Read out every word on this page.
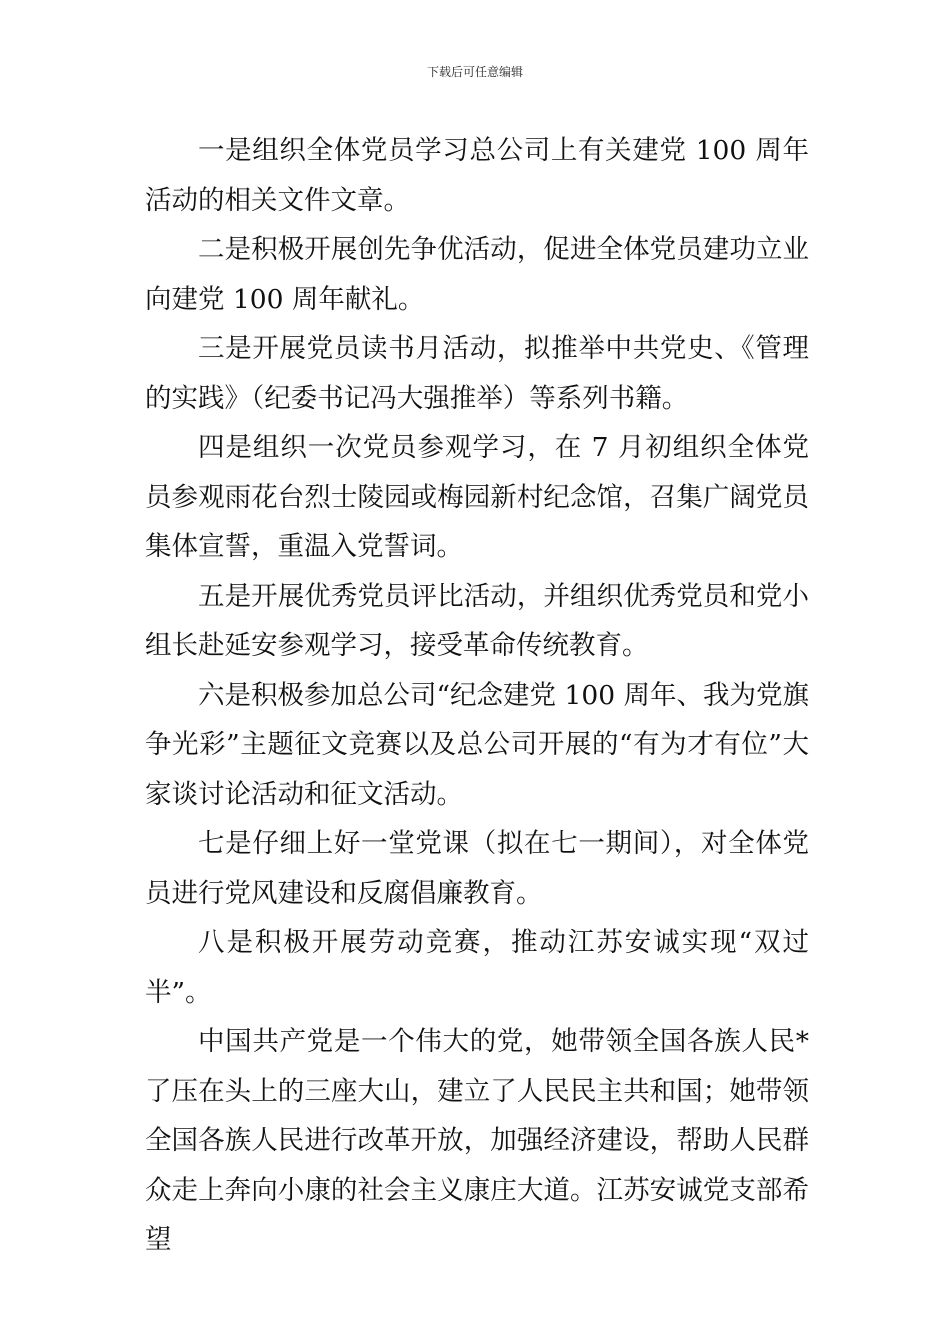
下载后可任意编辑

一是组织全体党员学习总公司上有关建党 100 周年活动的相关文件文章。

二是积极开展创先争优活动，促进全体党员建功立业向建党 100 周年献礼。

三是开展党员读书月活动，拟推举中共党史、《管理的实践》（纪委书记冯大强推举）等系列书籍。

四是组织一次党员参观学习，在 7 月初组织全体党员参观雨花台烈士陵园或梅园新村纪念馆，召集广阔党员集体宣誓，重温入党誓词。

五是开展优秀党员评比活动，并组织优秀党员和党小组长赴延安参观学习，接受革命传统教育。

六是积极参加总公司“纪念建党 100 周年、我为党旗争光彩”主题征文竞赛以及总公司开展的“有为才有位”大家谈讨论活动和征文活动。

七是仔细上好一堂党课（拟在七一期间），对全体党员进行党风建设和反腐倡廉教育。

八是积极开展劳动竞赛，推动江苏安诚实现“双过半”。

中国共产党是一个伟大的党，她带领全国各族人民*了压在头上的三座大山，建立了人民民主共和国；她带领全国各族人民进行改革开放，加强经济建设，帮助人民群众走上奔向小康的社会主义康庄大道。江苏安诚党支部希望
